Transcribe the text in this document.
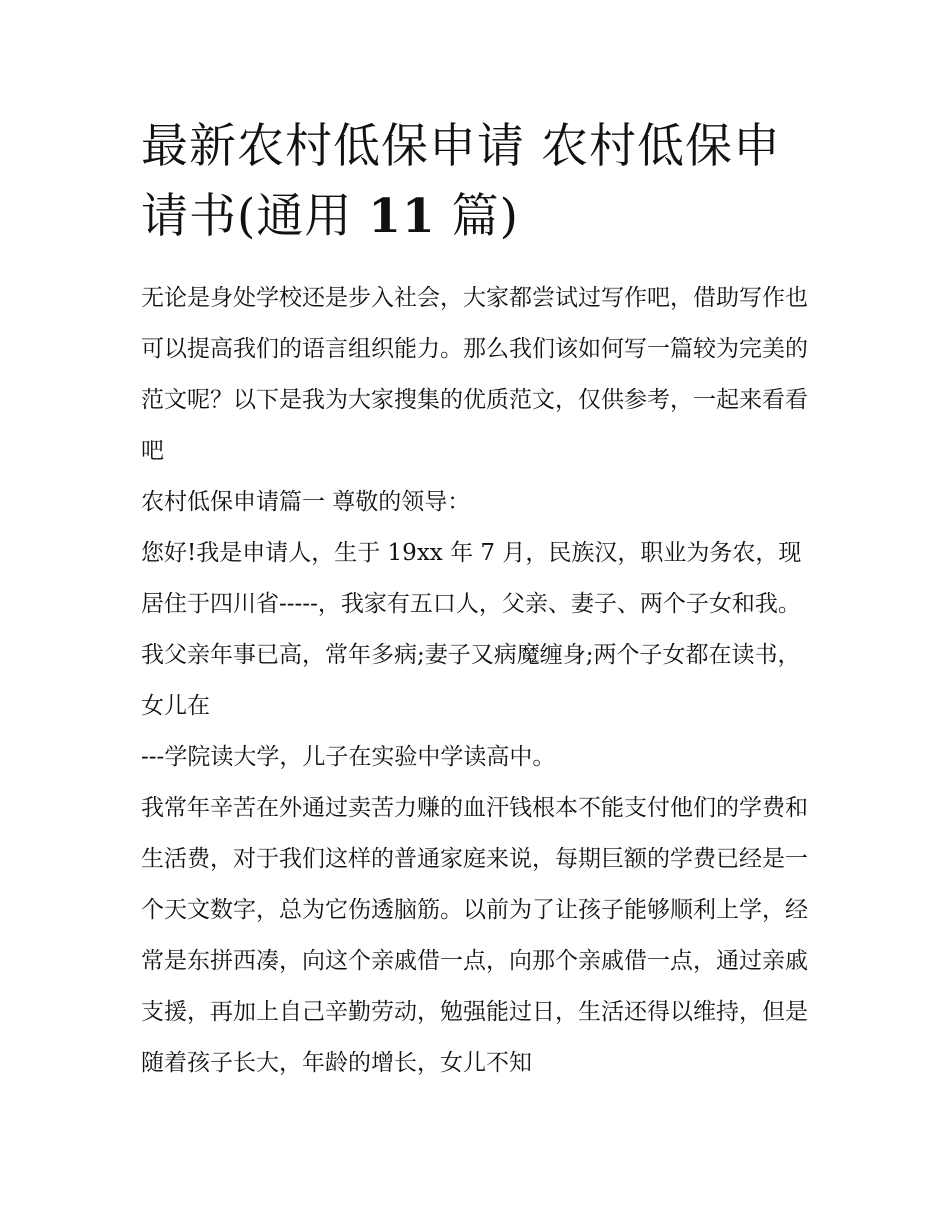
最新农村低保申请 农村低保申请书(通用 11 篇)

无论是身处学校还是步入社会，大家都尝试过写作吧，借助写作也可以提高我们的语言组织能力。那么我们该如何写一篇较为完美的范文呢？以下是我为大家搜集的优质范文，仅供参考，一起来看看吧

农村低保申请篇一 尊敬的领导：

您好!我是申请人，生于 19xx 年 7 月，民族汉，职业为务农，现居住于四川省-----，我家有五口人，父亲、妻子、两个子女和我。我父亲年事已高，常年多病;妻子又病魔缠身;两个子女都在读书，女儿在

---学院读大学，儿子在实验中学读高中。

我常年辛苦在外通过卖苦力赚的血汗钱根本不能支付他们的学费和生活费，对于我们这样的普通家庭来说，每期巨额的学费已经是一个天文数字，总为它伤透脑筋。以前为了让孩子能够顺利上学，经常是东拼西凑，向这个亲戚借一点，向那个亲戚借一点，通过亲戚支援，再加上自己辛勤劳动，勉强能过日，生活还得以维持，但是随着孩子长大，年龄的增长，女儿不知
